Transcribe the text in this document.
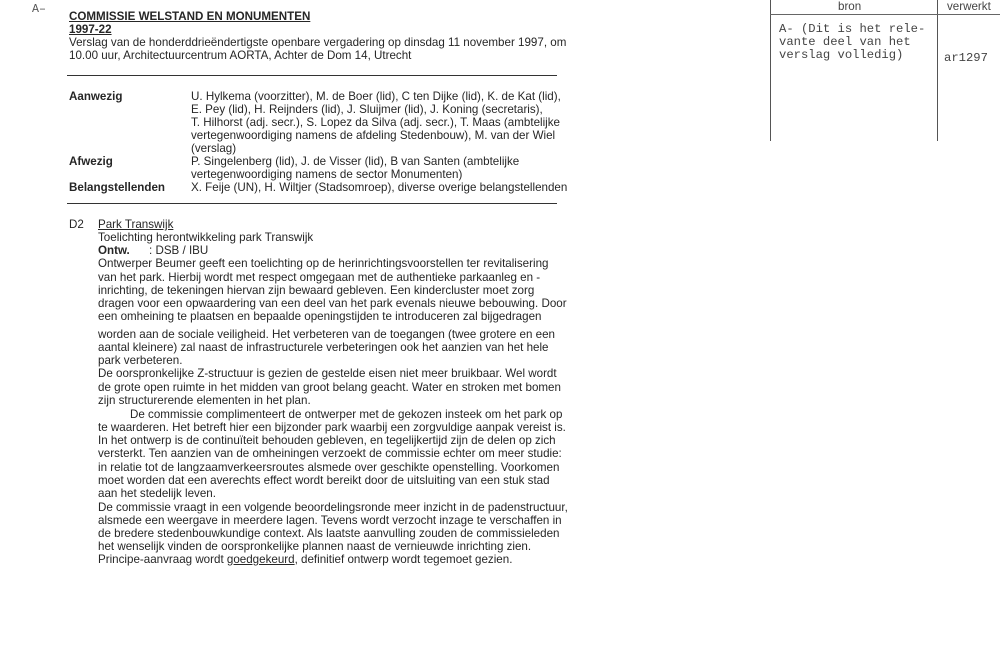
A–
COMMISSIE WELSTAND EN MONUMENTEN
1997-22
Verslag van de honderddrieëndertigste openbare vergadering op dinsdag 11 november 1997, om
10.00 uur, Architectuurcentrum AORTA, Achter de Dom 14, Utrecht
Aanwezig	U. Hylkema (voorzitter), M. de Boer (lid), C ten Dijke (lid), K. de Kat (lid),
E. Pey (lid), H. Reijnders (lid), J. Sluijmer (lid), J. Koning (secretaris),
T. Hilhorst (adj. secr.), S. Lopez da Silva (adj. secr.), T. Maas (ambtelijke
vertegenwoordiging namens de afdeling Stedenbouw), M. van der Wiel
(verslag)
Afwezig	P. Singelenberg (lid), J. de Visser (lid), B van Santen (ambtelijke
vertegenwoordiging namens de sector Monumenten)
Belangstellenden X. Feije (UN), H. Wiltjer (Stadsomroep), diverse overige belangstellenden
D2 Park Transwijk
Toelichting herontwikkeling park Transwijk
Ontw. : DSB / IBU
Ontwerper Beumer geeft een toelichting op de herinrichtingsvoorstellen ter revitalisering
van het park. Hierbij wordt met respect omgegaan met de authentieke parkaanleg en -
inrichting, de tekeningen hiervan zijn bewaard gebleven. Een kindercluster moet zorg
dragen voor een opwaardering van een deel van het park evenals nieuwe bebouwing. Door
een omheining te plaatsen en bepaalde openingstijden te introduceren zal bijgedragen
worden aan de sociale veiligheid. Het verbeteren van de toegangen (twee grotere en een
aantal kleinere) zal naast de infrastructurele verbeteringen ook het aanzien van het hele
park verbeteren.
De oorspronkelijke Z-structuur is gezien de gestelde eisen niet meer bruikbaar. Wel wordt
de grote open ruimte in het midden van groot belang geacht. Water en stroken met bomen
zijn structurerende elementen in het plan.
De commissie complimenteert de ontwerper met de gekozen insteek om het park op
te waarderen. Het betreft hier een bijzonder park waarbij een zorgvuldige aanpak vereist is.
In het ontwerp is de continuïteit behouden gebleven, en tegelijkertijd zijn de delen op zich
versterkt. Ten aanzien van de omheiningen verzoekt de commissie echter om meer studie:
in relatie tot de langzaamverkeersroutes alsmede over geschikte openstelling. Voorkomen
moet worden dat een averechts effect wordt bereikt door de uitsluiting van een stuk stad
aan het stedelijk leven.
De commissie vraagt in een volgende beoordelingsronde meer inzicht in de padenstructuur,
alsmede een weergave in meerdere lagen. Tevens wordt verzocht inzage te verschaffen in
de bredere stedenbouwkundige context. Als laatste aanvulling zouden de commissieleden
het wenselijk vinden de oorspronkelijke plannen naast de vernieuwde inrichting zien.
Principe-aanvraag wordt goedgekeurd, definitief ontwerp wordt tegemoet gezien.
bron	verwerkt
A- (Dit is het rele-
vante deel van het
verslag volledig)	ar1297
